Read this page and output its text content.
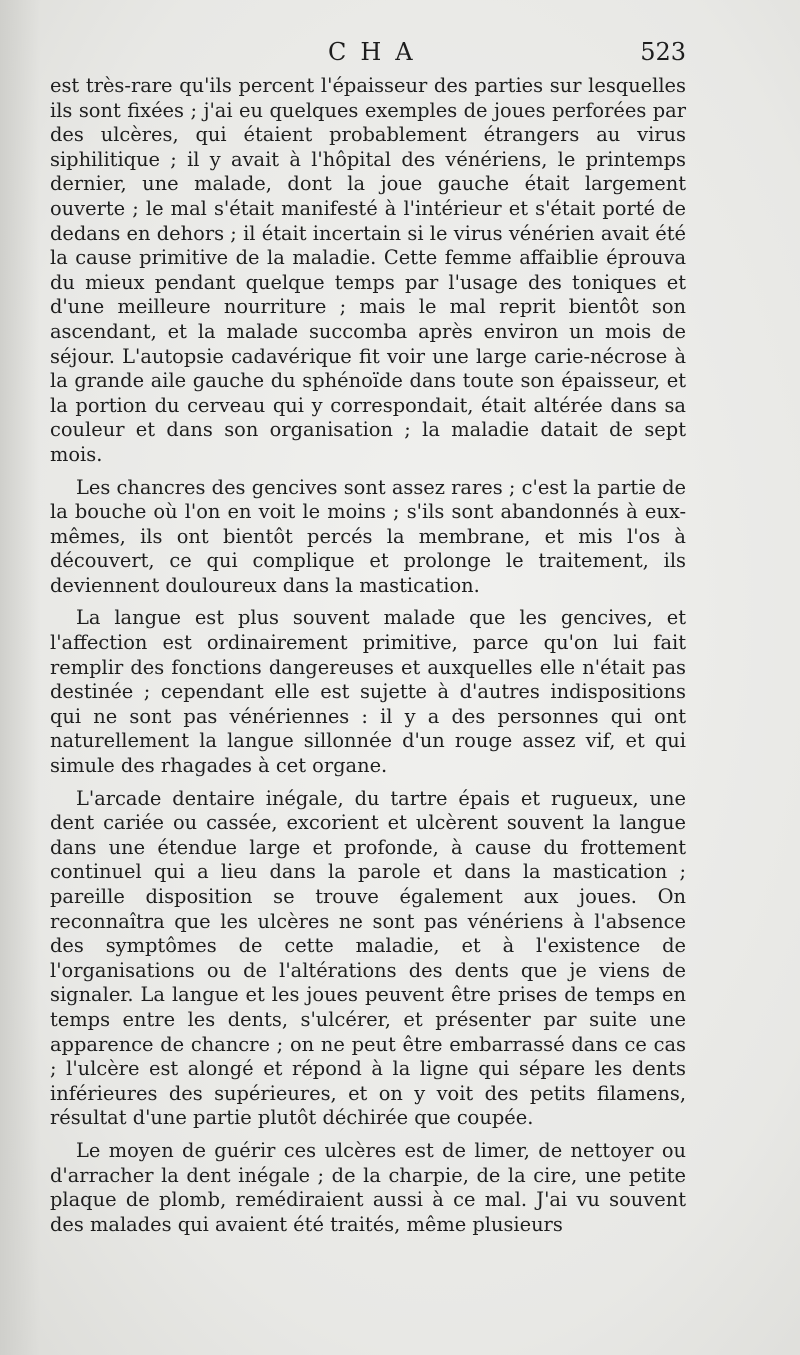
CHA	523

est très-rare qu'ils percent l'épaisseur des parties sur lesquelles ils sont fixées ; j'ai eu quelques exemples de joues perforées par des ulcères, qui étaient probablement étrangers au virus siphilitique ; il y avait à l'hôpital des vénériens, le printemps dernier, une malade, dont la joue gauche était largement ouverte ; le mal s'était manifesté à l'intérieur et s'était porté de dedans en dehors ; il était incertain si le virus vénérien avait été la cause primitive de la maladie. Cette femme affaiblie éprouva du mieux pendant quelque temps par l'usage des toniques et d'une meilleure nourriture ; mais le mal reprit bientôt son ascendant, et la malade succomba après environ un mois de séjour. L'autopsie cadavérique fit voir une large carie-nécrose à la grande aile gauche du sphénoïde dans toute son épaisseur, et la portion du cerveau qui y correspondait, était altérée dans sa couleur et dans son organisation ; la maladie datait de sept mois.

Les chancres des gencives sont assez rares ; c'est la partie de la bouche où l'on en voit le moins ; s'ils sont abandonnés à eux-mêmes, ils ont bientôt percés la membrane, et mis l'os à découvert, ce qui complique et prolonge le traitement, ils deviennent douloureux dans la mastication.

La langue est plus souvent malade que les gencives, et l'affection est ordinairement primitive, parce qu'on lui fait remplir des fonctions dangereuses et auxquelles elle n'était pas destinée ; cependant elle est sujette à d'autres indispositions qui ne sont pas vénériennes : il y a des personnes qui ont naturellement la langue sillonnée d'un rouge assez vif, et qui simule des rhagades à cet organe.

L'arcade dentaire inégale, du tartre épais et rugueux, une dent cariée ou cassée, excorient et ulcèrent souvent la langue dans une étendue large et profonde, à cause du frottement continuel qui a lieu dans la parole et dans la mastication ; pareille disposition se trouve également aux joues. On reconnaîtra que les ulcères ne sont pas vénériens à l'absence des symptômes de cette maladie, et à l'existence de l'organisations ou de l'altérations des dents que je viens de signaler. La langue et les joues peuvent être prises de temps en temps entre les dents, s'ulcérer, et présenter par suite une apparence de chancre ; on ne peut être embarrassé dans ce cas ; l'ulcère est alongé et répond à la ligne qui sépare les dents inférieures des supérieures, et on y voit des petits filamens, résultat d'une partie plutôt déchirée que coupée.

Le moyen de guérir ces ulcères est de limer, de nettoyer ou d'arracher la dent inégale ; de la charpie, de la cire, une petite plaque de plomb, remédiraient aussi à ce mal. J'ai vu souvent des malades qui avaient été traités, même plusieurs
